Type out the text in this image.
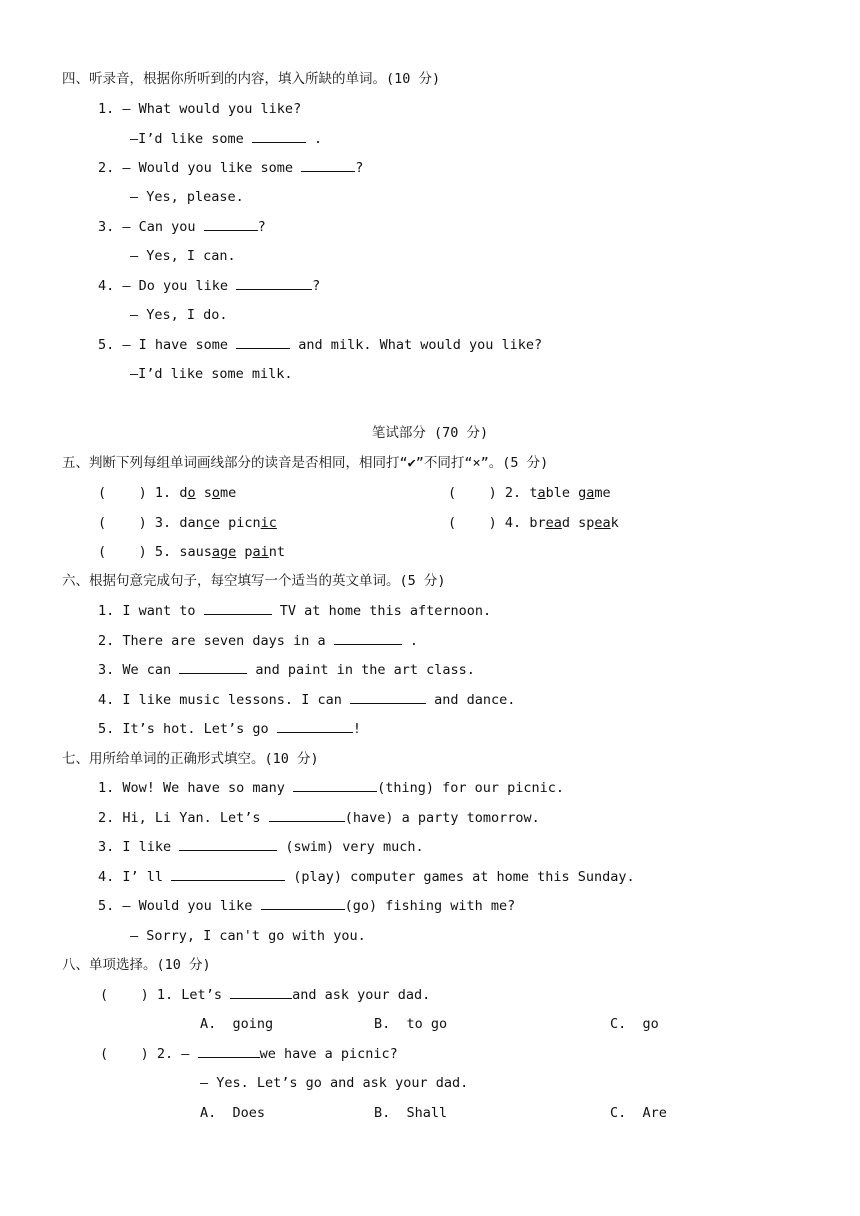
四、听录音，根据你所听到的内容，填入所缺的单词。(10 分)
1. — What would you like?
—I’d like some	.
2. — Would you like some	?
— Yes, please.
3. — Can you	?
— Yes, I can.
4. — Do you like	?
— Yes, I do.
5. — I have some	and milk. What would you like?
—I’d like some milk.
笔试部分 (70 分)
五、判断下列每组单词画线部分的读音是否相同，相同打“✔”不同打“×”。(5 分)
(    ) 1. do some	(    ) 2. table game
(    ) 3. dance picnic	(    ) 4. bread speak
(    ) 5. sausage paint
六、根据句意完成句子，每空填写一个适当的英文单词。(5 分)
1. I want to	TV at home this afternoon.
2. There are seven days in a	.
3. We can	and paint in the art class.
4. I like music lessons. I can	and dance.
5. It’s hot. Let’s go	!
七、用所给单词的正确形式填空。(10 分)
1. Wow! We have so many	(thing) for our picnic.
2. Hi, Li Yan. Let’s	(have) a party tomorrow.
3. I like	(swim) very much.
4. I’ ll	(play) computer games at home this Sunday.
5. — Would you like	(go) fishing with me?
— Sorry, I can't go with you.
八、单项选择。(10 分)
(    ) 1. Let’s	and ask your dad.
A.  going	B.  to go	C.  go
(    ) 2. —	we have a picnic?
— Yes. Let’s go and ask your dad.
A.  Does	B.  Shall	C.  Are
